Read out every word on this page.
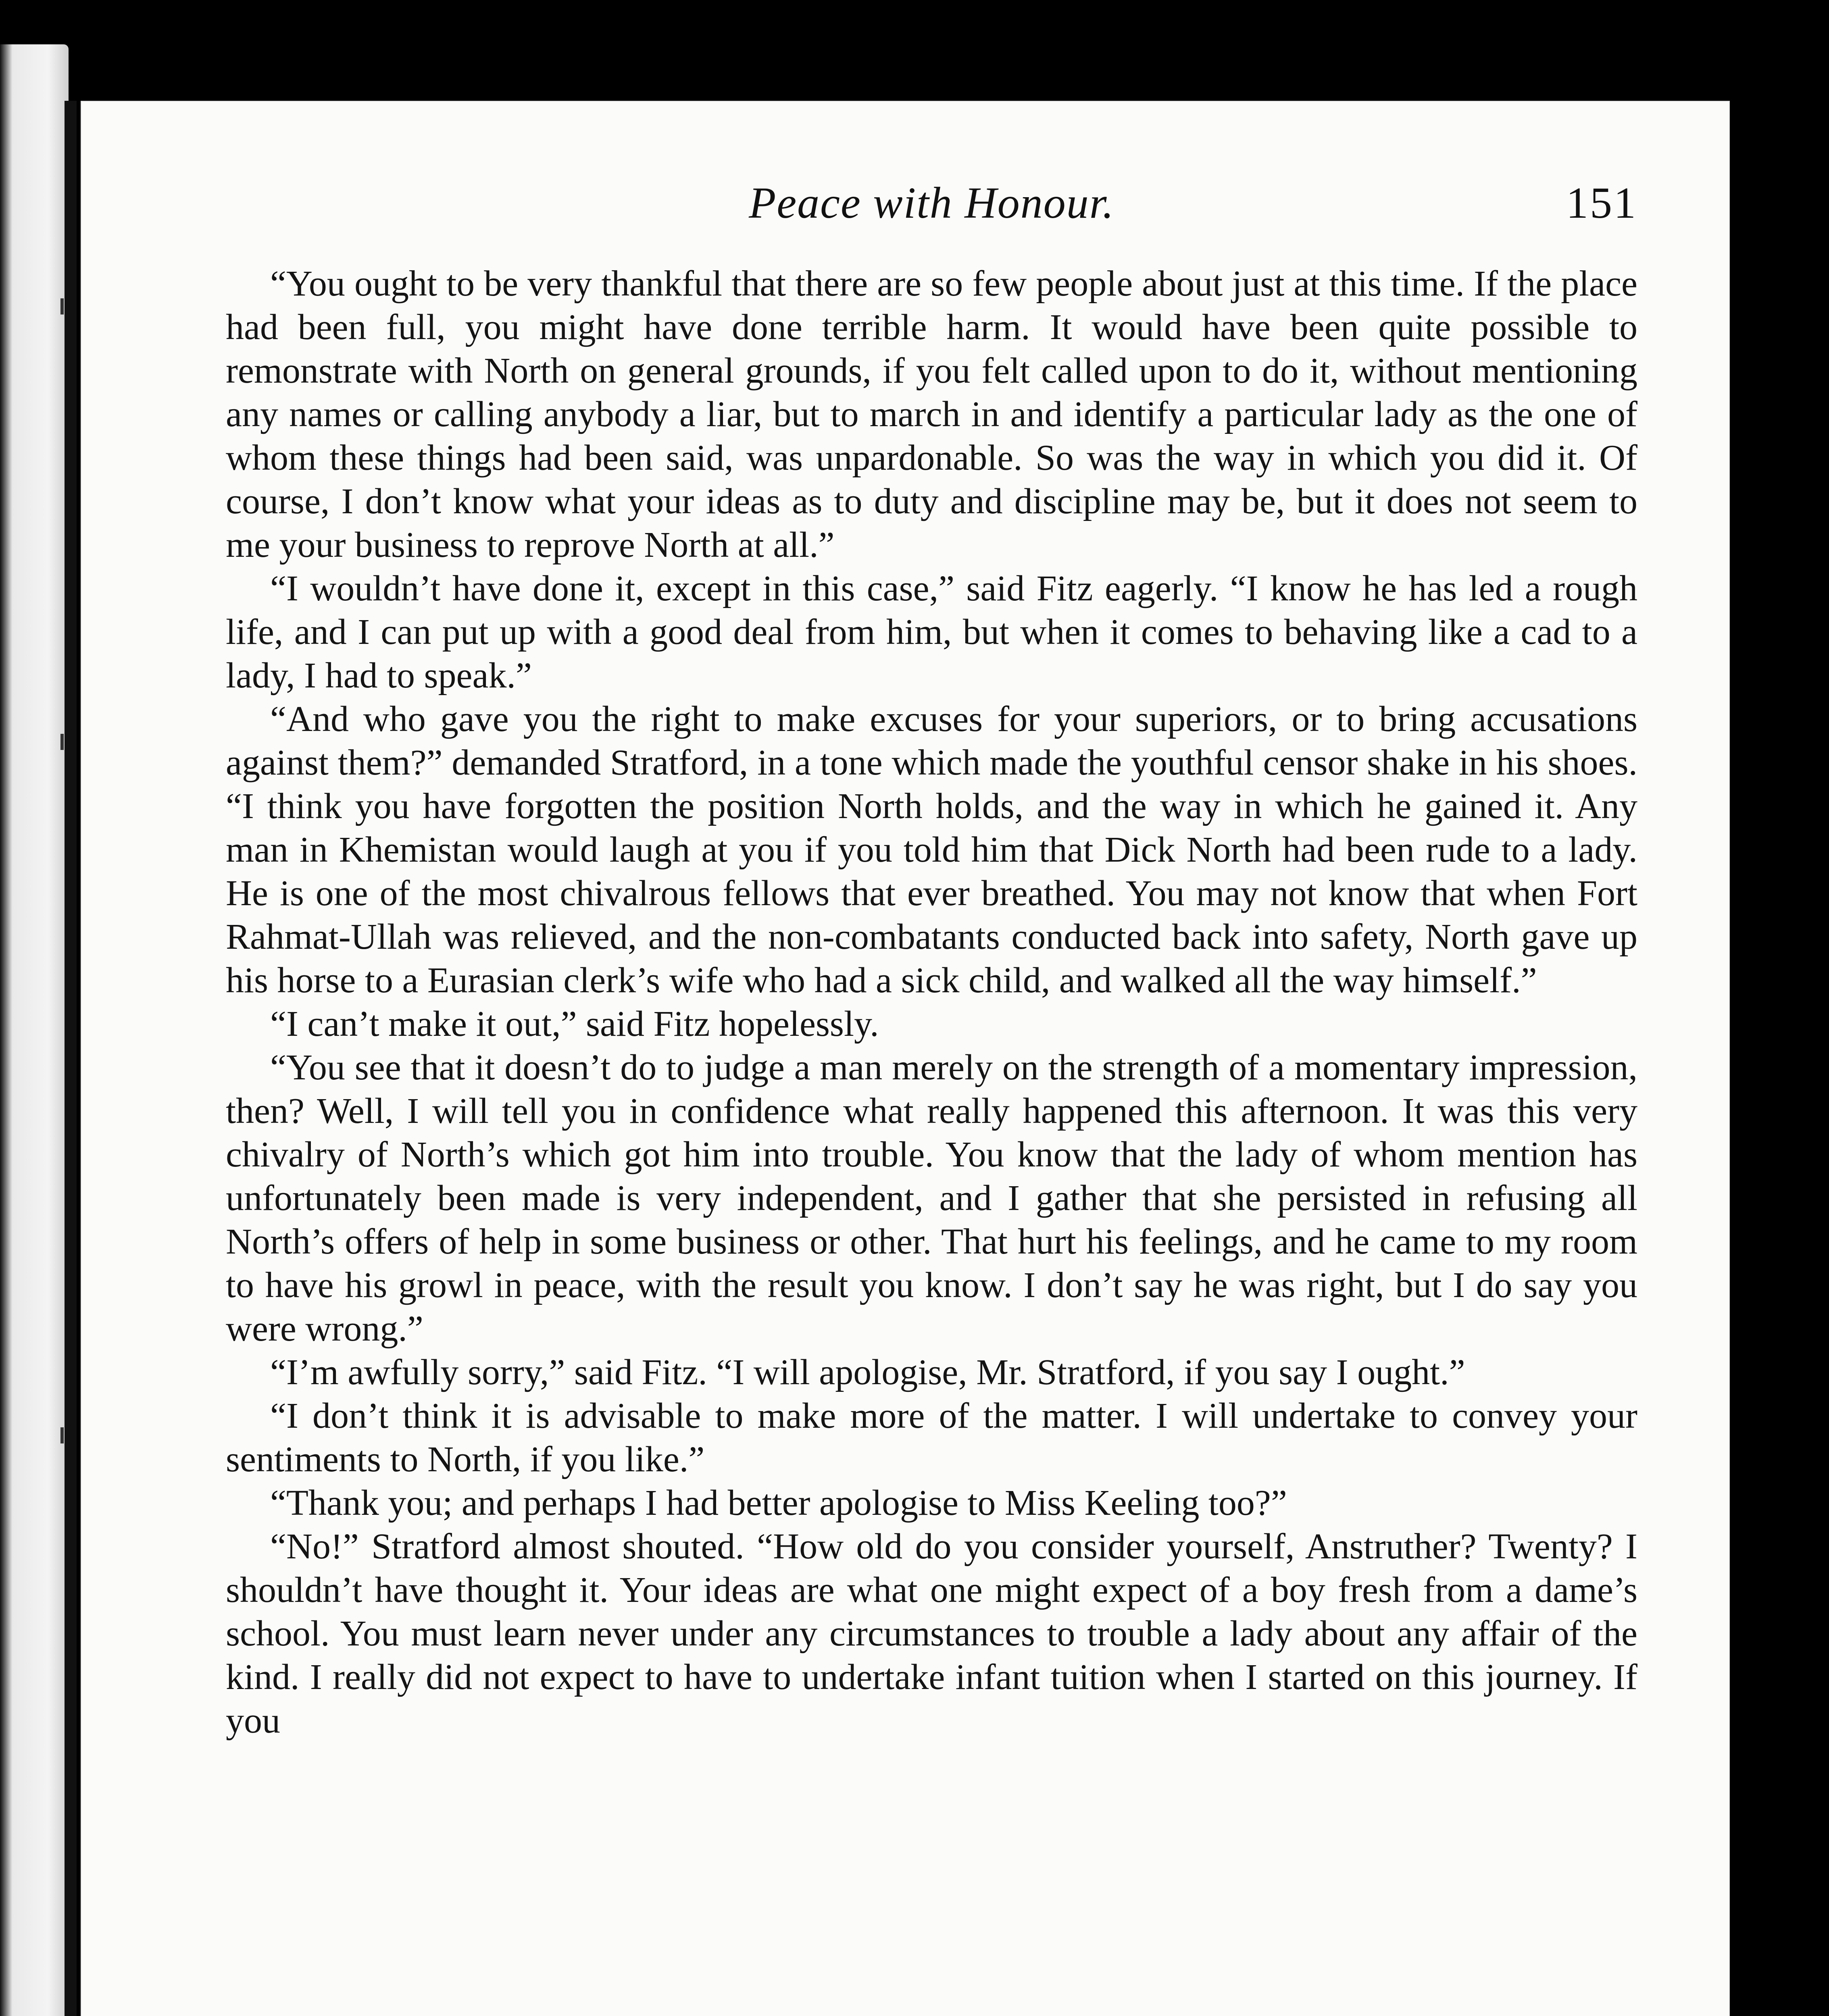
Peace with Honour.	151

“You ought to be very thankful that there are so few people about just at this time. If the place had been full, you might have done terrible harm. It would have been quite possible to remonstrate with North on general grounds, if you felt called upon to do it, without mentioning any names or calling anybody a liar, but to march in and identify a particular lady as the one of whom these things had been said, was unpardonable. So was the way in which you did it. Of course, I don’t know what your ideas as to duty and discipline may be, but it does not seem to me your business to reprove North at all.”

“I wouldn’t have done it, except in this case,” said Fitz eagerly. “I know he has led a rough life, and I can put up with a good deal from him, but when it comes to behaving like a cad to a lady, I had to speak.”

“And who gave you the right to make excuses for your superiors, or to bring accusations against them?” demanded Stratford, in a tone which made the youthful censor shake in his shoes. “I think you have forgotten the position North holds, and the way in which he gained it. Any man in Khemistan would laugh at you if you told him that Dick North had been rude to a lady. He is one of the most chivalrous fellows that ever breathed. You may not know that when Fort Rahmat-Ullah was relieved, and the non-combatants conducted back into safety, North gave up his horse to a Eurasian clerk’s wife who had a sick child, and walked all the way himself.”

“I can’t make it out,” said Fitz hopelessly.

“You see that it doesn’t do to judge a man merely on the strength of a momentary impression, then? Well, I will tell you in confidence what really happened this afternoon. It was this very chivalry of North’s which got him into trouble. You know that the lady of whom mention has unfortunately been made is very independent, and I gather that she persisted in refusing all North’s offers of help in some business or other. That hurt his feelings, and he came to my room to have his growl in peace, with the result you know. I don’t say he was right, but I do say you were wrong.”

“I’m awfully sorry,” said Fitz. “I will apologise, Mr. Stratford, if you say I ought.”

“I don’t think it is advisable to make more of the matter. I will undertake to convey your sentiments to North, if you like.”

“Thank you; and perhaps I had better apologise to Miss Keeling too?”

“No!” Stratford almost shouted. “How old do you consider yourself, Anstruther? Twenty? I shouldn’t have thought it. Your ideas are what one might expect of a boy fresh from a dame’s school. You must learn never under any circumstances to trouble a lady about any affair of the kind. I really did not expect to have to undertake infant tuition when I started on this journey. If you
